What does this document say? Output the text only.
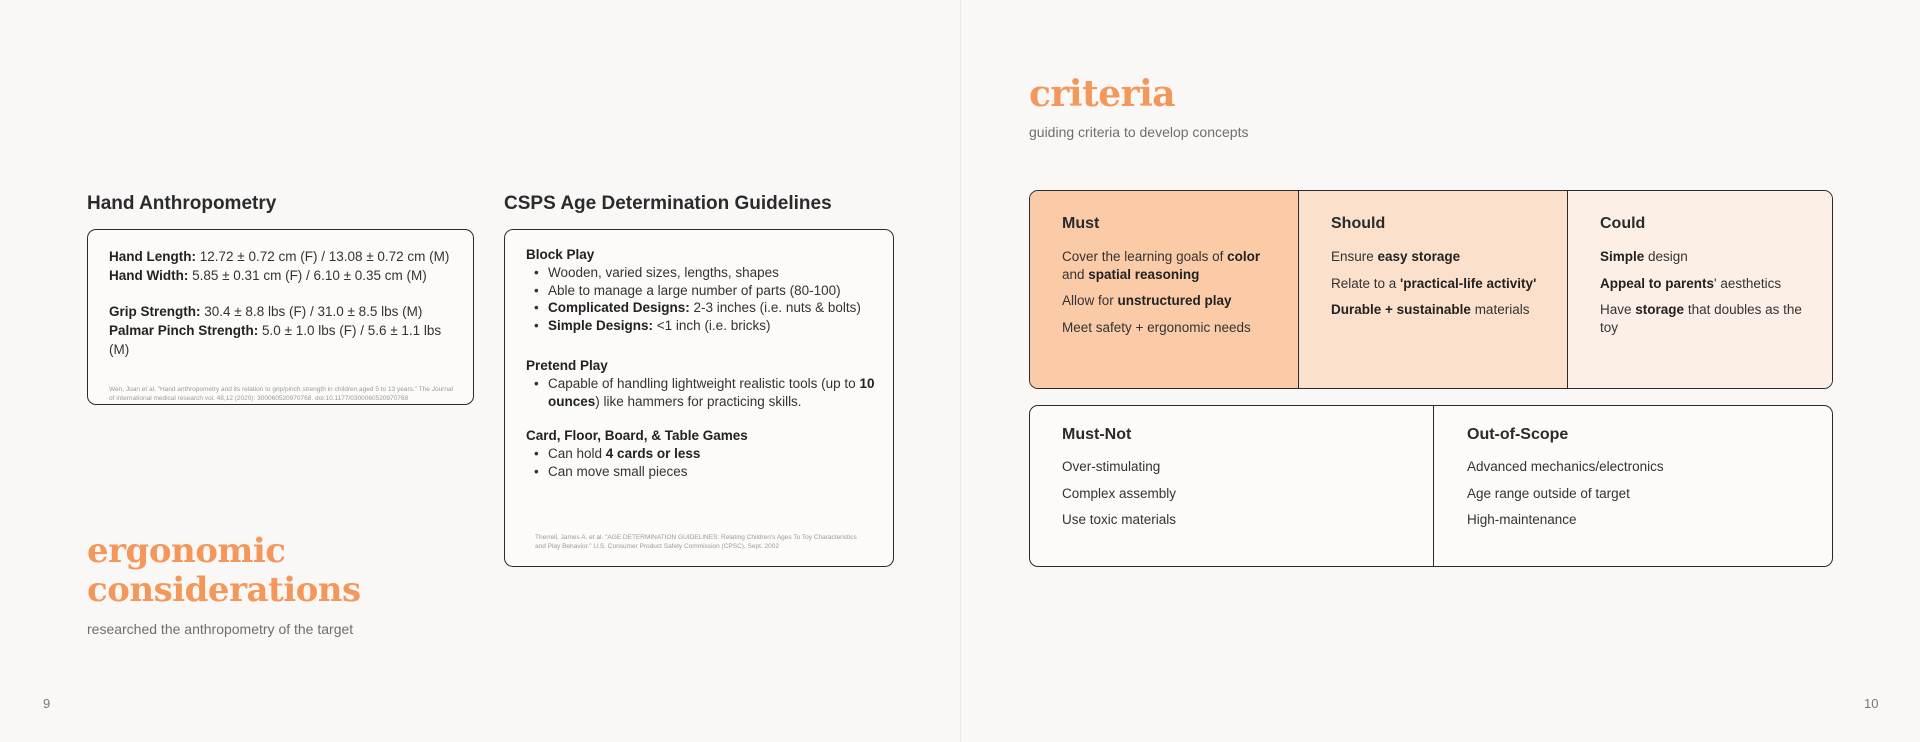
Hand Anthropometry
Hand Length: 12.72 ± 0.72 cm (F) / 13.08 ± 0.72 cm (M)
Hand Width: 5.85 ± 0.31 cm (F) / 6.10 ± 0.35 cm (M)
Grip Strength: 30.4 ± 8.8 lbs (F) / 31.0 ± 8.5 lbs (M)
Palmar Pinch Strength: 5.0 ± 1.0 lbs (F) / 5.6 ± 1.1 lbs (M)
Wen, Juan et al. "Hand anthropometry and its relation to grip/pinch strength in children aged 5 to 13 years." The Journal of international medical research vol. 48,12 (2020): 300060520970768. doi:10.1177/0300060520970768
CSPS Age Determination Guidelines
Block Play
• Wooden, varied sizes, lengths, shapes
• Able to manage a large number of parts (80-100)
• Complicated Designs: 2-3 inches (i.e. nuts & bolts)
• Simple Designs: <1 inch (i.e. bricks)
Pretend Play
• Capable of handling lightweight realistic tools (up to 10 ounces) like hammers for practicing skills.
Card, Floor, Board, & Table Games
• Can hold 4 cards or less
• Can move small pieces
Therrell, James A. et al. "AGE DETERMINATION GUIDELINES: Relating Children's Ages To Toy Characteristics and Play Behavior." U.S. Consumer Product Safety Commission (CPSC), Sept. 2002
ergonomic
considerations
researched the anthropometry of the target
9
criteria
guiding criteria to develop concepts
Must
Cover the learning goals of color and spatial reasoning
Allow for unstructured play
Meet safety + ergonomic needs
Should
Ensure easy storage
Relate to a 'practical-life activity'
Durable + sustainable materials
Could
Simple design
Appeal to parents' aesthetics
Have storage that doubles as the toy
Must-Not
Over-stimulating
Complex assembly
Use toxic materials
Out-of-Scope
Advanced mechanics/electronics
Age range outside of target
High-maintenance
10
